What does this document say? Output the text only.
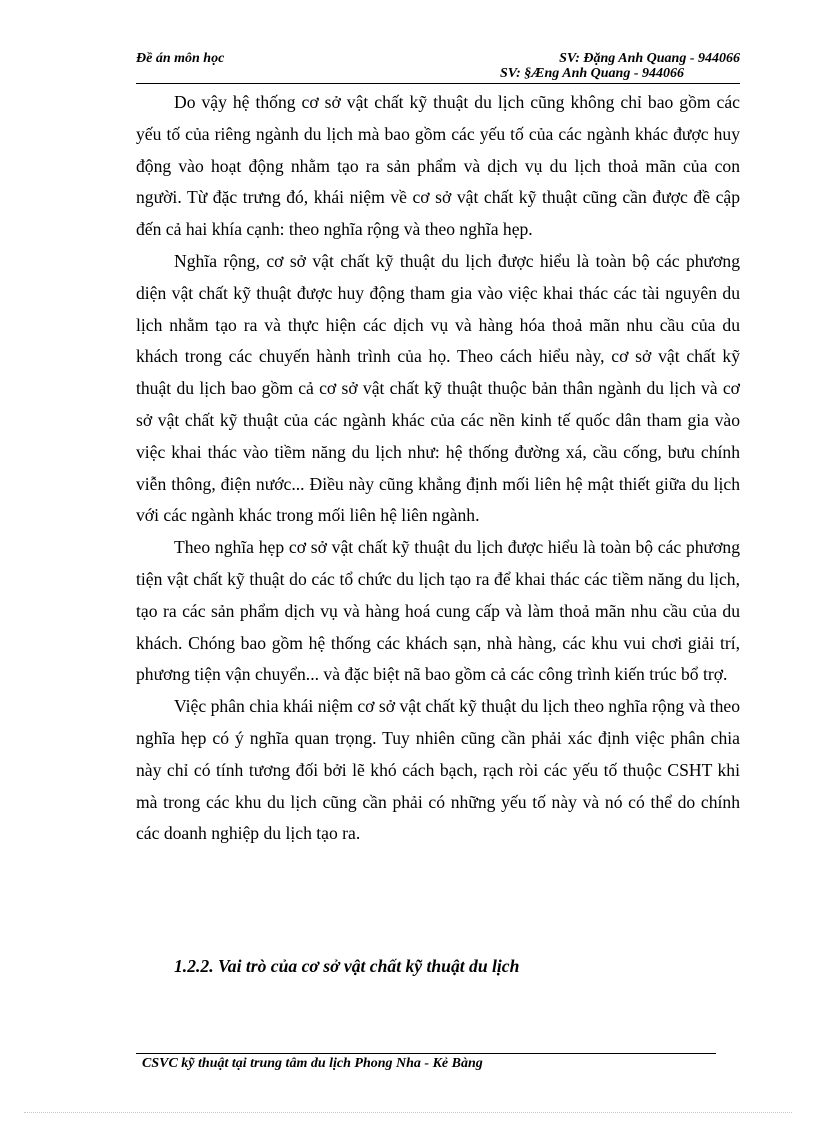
Đề án môn học	SV: Đặng Anh Quang - 944066
SV: §Æng Anh Quang - 944066

Do vậy hệ thống cơ sở vật chất kỹ thuật du lịch cũng không chỉ bao gồm các yếu tố của riêng ngành du lịch mà bao gồm các yếu tố của các ngành khác được huy động vào hoạt động nhằm tạo ra sản phẩm và dịch vụ du lịch thoả mãn của con người. Từ đặc trưng đó, khái niệm về cơ sở vật chất kỹ thuật cũng cần được đề cập đến cả hai khía cạnh: theo nghĩa rộng và theo nghĩa hẹp.

Nghĩa rộng, cơ sở vật chất kỹ thuật du lịch được hiểu là toàn bộ các phương diện vật chất kỹ thuật được huy động tham gia vào việc khai thác các tài nguyên du lịch nhằm tạo ra và thực hiện các dịch vụ và hàng hóa thoả mãn nhu cầu của du khách trong các chuyến hành trình của họ. Theo cách hiểu này, cơ sở vật chất kỹ thuật du lịch bao gồm cả cơ sở vật chất kỹ thuật thuộc bản thân ngành du lịch và cơ sở vật chất kỹ thuật của các ngành khác của các nền kinh tế quốc dân tham gia vào việc khai thác vào tiềm năng du lịch như: hệ thống đường xá, cầu cống, bưu chính viễn thông, điện nước... Điều này cũng khẳng định mối liên hệ mật thiết giữa du lịch với các ngành khác trong mối liên hệ liên ngành.

Theo nghĩa hẹp cơ sở vật chất kỹ thuật du lịch được hiểu là toàn bộ các phương tiện vật chất kỹ thuật do các tổ chức du lịch tạo ra để khai thác các tiềm năng du lịch, tạo ra các sản phẩm dịch vụ và hàng hoá cung cấp và làm thoả mãn nhu cầu của du khách. Chóng bao gồm hệ thống các khách sạn, nhà hàng, các khu vui chơi giải trí, phương tiện vận chuyển... và đặc biệt nã bao gồm cả các công trình kiến trúc bổ trợ.

Việc phân chia khái niệm cơ sở vật chất kỹ thuật du lịch theo nghĩa rộng và theo nghĩa hẹp có ý nghĩa quan trọng. Tuy nhiên cũng cần phải xác định việc phân chia này chỉ có tính tương đối bởi lẽ khó cách bạch, rạch ròi các yếu tố thuộc CSHT khi mà trong các khu du lịch cũng cần phải có những yếu tố này và nó có thể do chính các doanh nghiệp du lịch tạo ra.

1.2.2. Vai trò của cơ sở vật chất kỹ thuật du lịch
CSVC kỹ thuật tại trung tâm du lịch Phong Nha - Kẻ Bàng
